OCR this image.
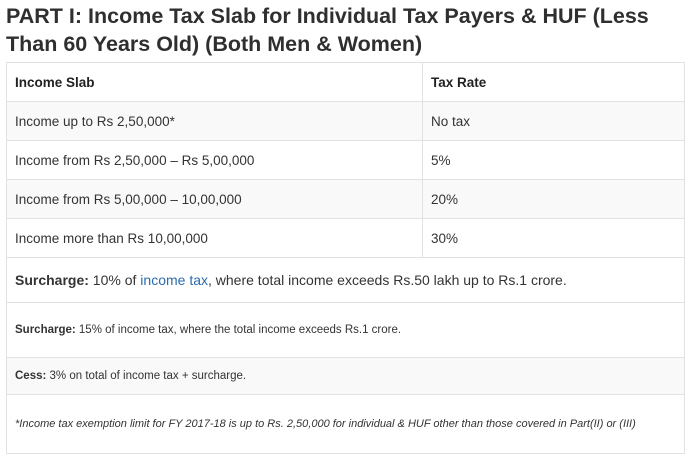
PART I: Income Tax Slab for Individual Tax Payers & HUF (Less Than 60 Years Old) (Both Men & Women)
Income Slab	Tax Rate
Income up to Rs 2,50,000*	No tax
Income from Rs 2,50,000 – Rs 5,00,000	5%
Income from Rs 5,00,000 – 10,00,000	20%
Income more than Rs 10,00,000	30%
Surcharge: 10% of income tax, where total income exceeds Rs.50 lakh up to Rs.1 crore.	
Surcharge: 15% of income tax, where the total income exceeds Rs.1 crore.	
Cess: 3% on total of income tax + surcharge.	
*Income tax exemption limit for FY 2017-18 is up to Rs. 2,50,000 for individual & HUF other than those covered in Part(II) or (III)	
